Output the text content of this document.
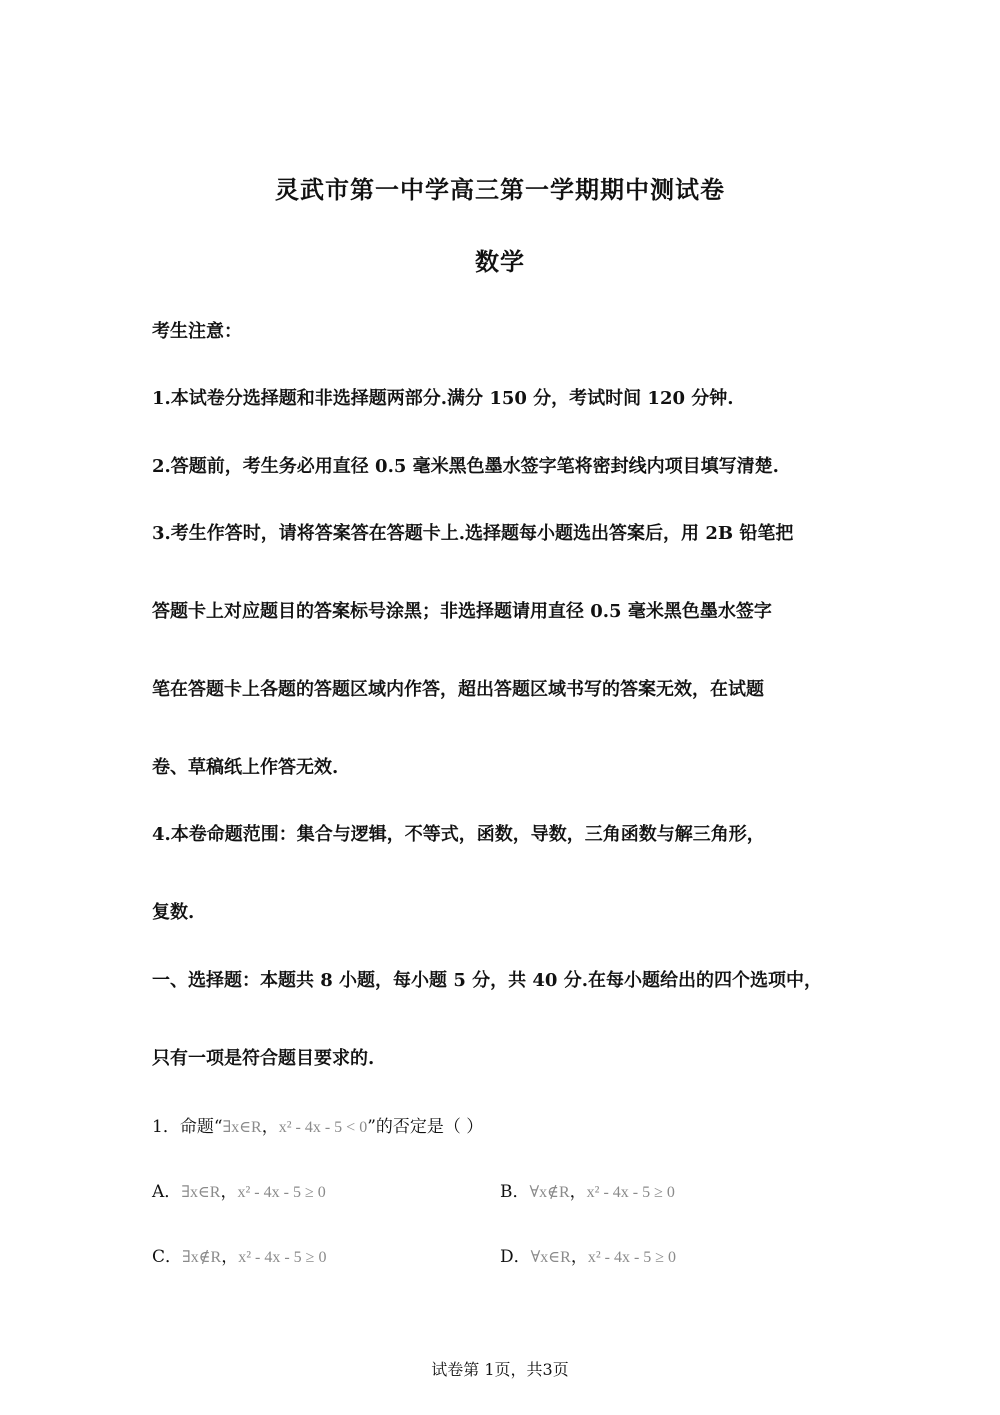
灵武市第一中学高三第一学期期中测试卷
数学
考生注意：
1.本试卷分选择题和非选择题两部分.满分 150 分，考试时间 120 分钟.
2.答题前，考生务必用直径 0.5 毫米黑色墨水签字笔将密封线内项目填写清楚.
3.考生作答时，请将答案答在答题卡上.选择题每小题选出答案后，用 2B 铅笔把
答题卡上对应题目的答案标号涂黑；非选择题请用直径 0.5 毫米黑色墨水签字
笔在答题卡上各题的答题区域内作答，超出答题区域书写的答案无效，在试题
卷、草稿纸上作答无效.
4.本卷命题范围：集合与逻辑，不等式，函数，导数，三角函数与解三角形，
复数.
一、选择题：本题共 8 小题，每小题 5 分，共 40 分.在每小题给出的四个选项中，
只有一项是符合题目要求的.
1．命题“∃x∈R，x² - 4x - 5 < 0”的否定是（ ）
A．∃x∈R，x² - 4x - 5 ≥ 0	B．∀x∉R，x² - 4x - 5 ≥ 0
C．∃x∉R，x² - 4x - 5 ≥ 0	D．∀x∈R，x² - 4x - 5 ≥ 0
试卷第 1页，共3页
